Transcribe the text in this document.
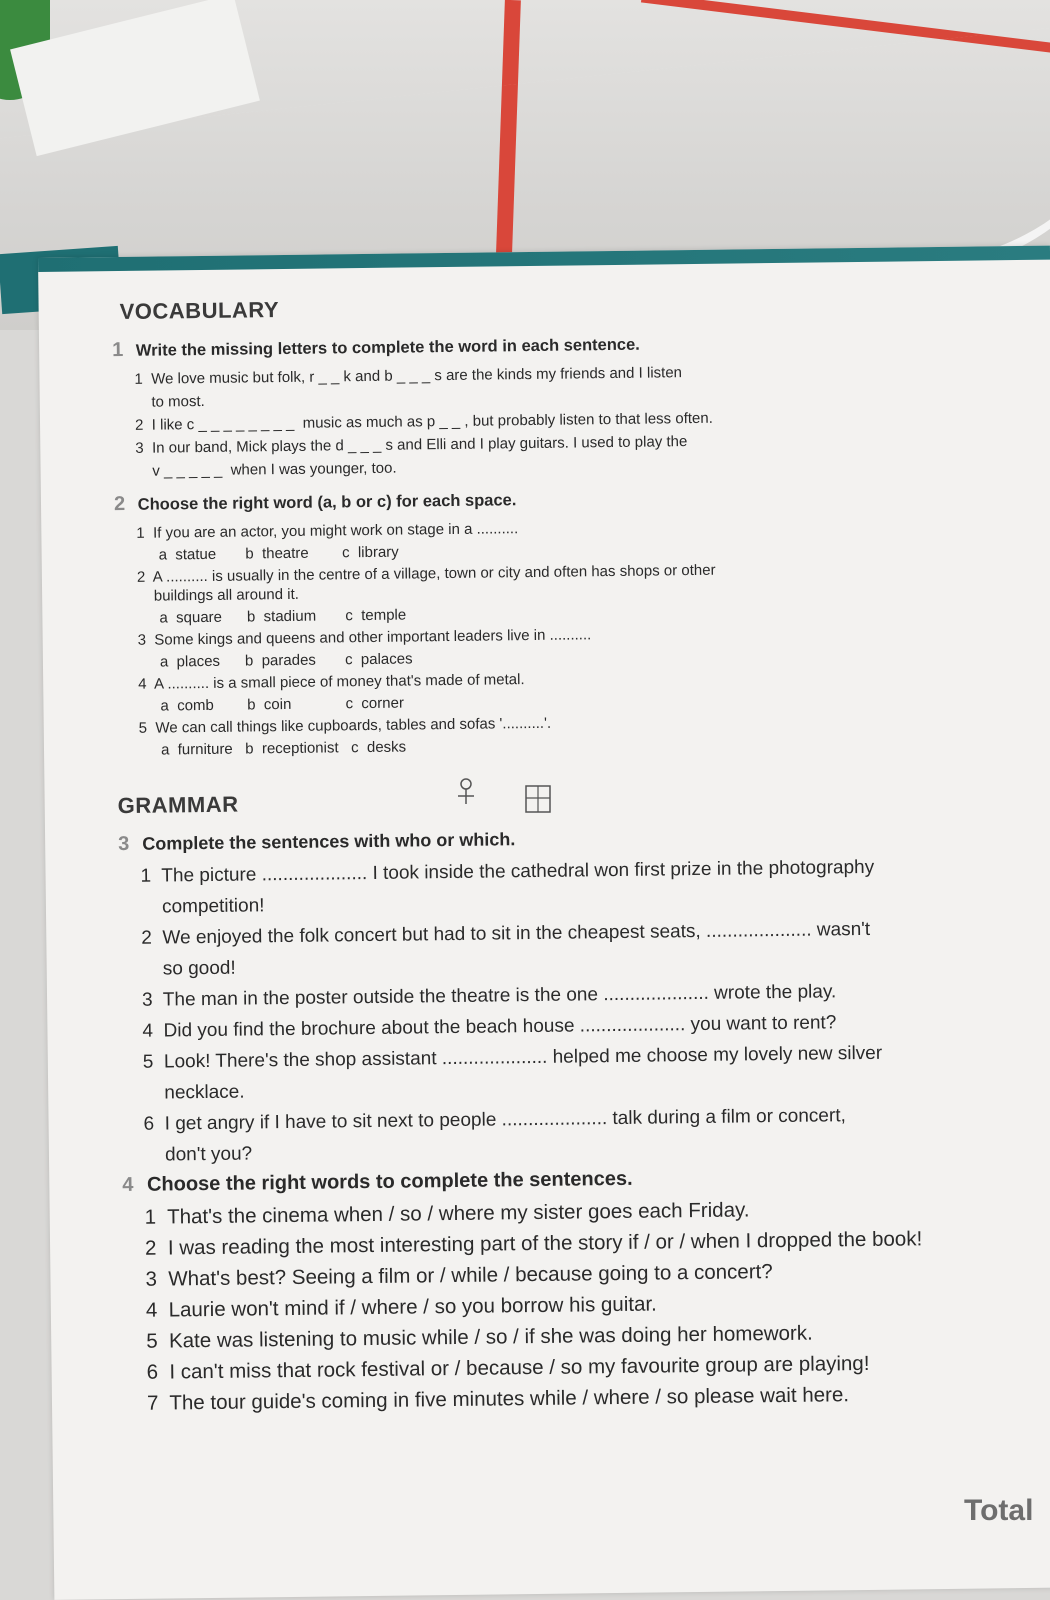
VOCABULARY
1 Write the missing letters to complete the word in each sentence.
1  We love music but folk, r _ _ k and b _ _ _ s are the kinds my friends and I listen
to most.
2  I like c _ _ _ _ _ _ _ _  music as much as p _ _ , but probably listen to that less often.
3  In our band, Mick plays the d _ _ _ s and Elli and I play guitars. I used to play the
v _ _ _ _ _  when I was younger, too.
2 Choose the right word (a, b or c) for each space.
1  If you are an actor, you might work on stage in a ..........
a  statue       b  theatre        c  library
2  A .......... is usually in the centre of a village, town or city and often has shops or other
buildings all around it.
a  square      b  stadium       c  temple
3  Some kings and queens and other important leaders live in ..........
a  places      b  parades       c  palaces
4  A .......... is a small piece of money that's made of metal.
a  comb        b  coin             c  corner
5  We can call things like cupboards, tables and sofas '..........'.
a  furniture   b  receptionist   c  desks
GRAMMAR
3 Complete the sentences with who or which.
1  The picture .................... I took inside the cathedral won first prize in the photography
competition!
2  We enjoyed the folk concert but had to sit in the cheapest seats, .................... wasn't
so good!
3  The man in the poster outside the theatre is the one .................... wrote the play.
4  Did you find the brochure about the beach house .................... you want to rent?
5  Look! There's the shop assistant .................... helped me choose my lovely new silver
necklace.
6  I get angry if I have to sit next to people .................... talk during a film or concert,
don't you?
4 Choose the right words to complete the sentences.
1  That's the cinema when / so / where my sister goes each Friday.
2  I was reading the most interesting part of the story if / or / when I dropped the book!
3  What's best? Seeing a film or / while / because going to a concert?
4  Laurie won't mind if / where / so you borrow his guitar.
5  Kate was listening to music while / so / if she was doing her homework.
6  I can't miss that rock festival or / because / so my favourite group are playing!
7  The tour guide's coming in five minutes while / where / so please wait here.
Total
